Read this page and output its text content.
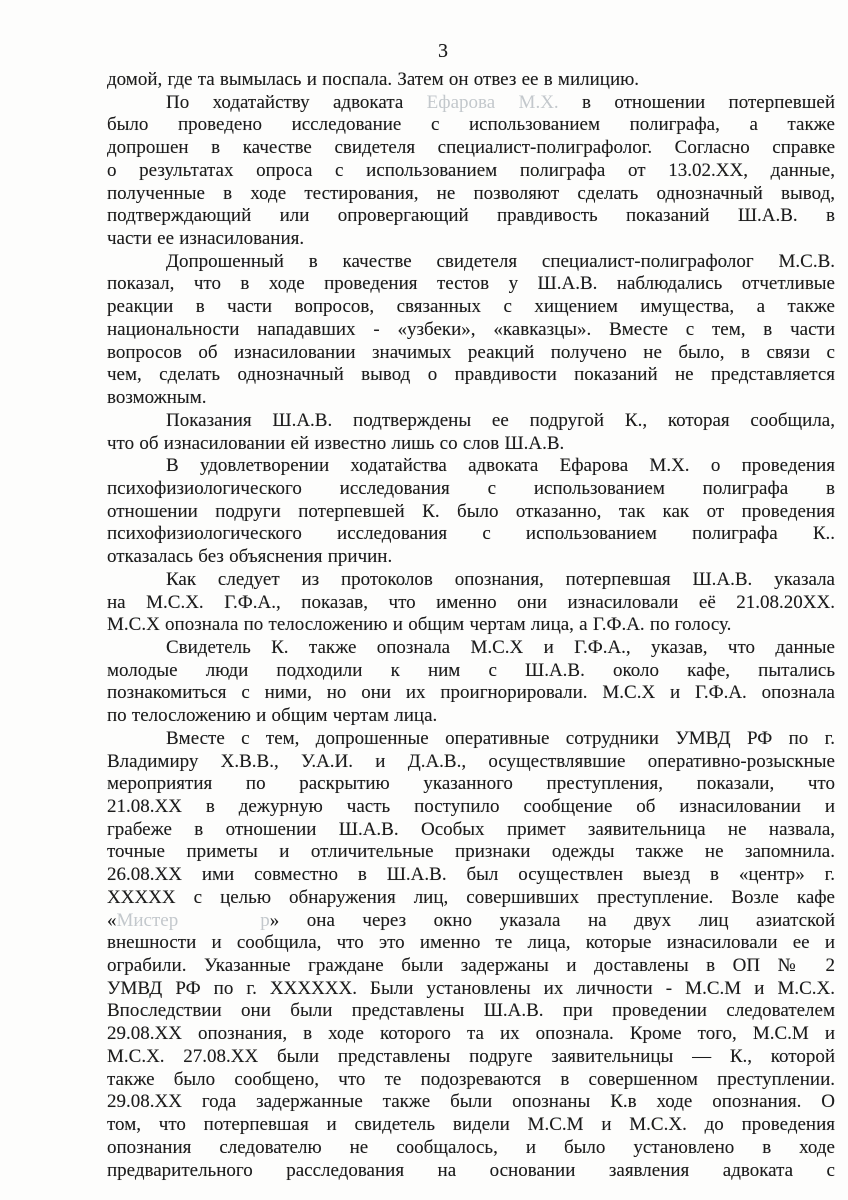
3
домой, где та вымылась и поспала. Затем он отвез ее в милицию.
По ходатайству адвоката Ефарова М.Х. в отношении потерпевшей
было проведено исследование с использованием полиграфа, а также
допрошен в качестве свидетеля специалист-полиграфолог. Согласно справке
о результатах опроса с использованием полиграфа от 13.02.ХХ, данные,
полученные в ходе тестирования, не позволяют сделать однозначный вывод,
подтверждающий или опровергающий правдивость показаний Ш.А.В. в
части ее изнасилования.
Допрошенный в качестве свидетеля специалист-полиграфолог М.С.В.
показал, что в ходе проведения тестов у Ш.А.В. наблюдались отчетливые
реакции в части вопросов, связанных с хищением имущества, а также
национальности нападавших - «узбеки», «кавказцы». Вместе с тем, в части
вопросов об изнасиловании значимых реакций получено не было, в связи с
чем, сделать однозначный вывод о правдивости показаний не представляется
возможным.
Показания Ш.А.В. подтверждены ее подругой К., которая сообщила,
что об изнасиловании ей известно лишь со слов Ш.А.В.
В удовлетворении ходатайства адвоката Ефарова М.Х. о проведения
психофизиологического исследования с использованием полиграфа в
отношении подруги потерпевшей К. было отказанно, так как от проведения
психофизиологического исследования с использованием полиграфа К..
отказалась без объяснения причин.
Как следует из протоколов опознания, потерпевшая Ш.А.В. указала
на М.С.Х. Г.Ф.А., показав, что именно они изнасиловали её 21.08.20ХХ.
М.С.Х опознала по телосложению и общим чертам лица, а Г.Ф.А. по голосу.
Свидетель К. также опознала М.С.Х и Г.Ф.А., указав, что данные
молодые люди подходили к ним с Ш.А.В. около кафе, пытались
познакомиться с ними, но они их проигнорировали. М.С.Х и Г.Ф.А. опознала
по телосложению и общим чертам лица.
Вместе с тем, допрошенные оперативные сотрудники УМВД РФ по г.
Владимиру Х.В.В., У.А.И. и Д.А.В., осуществлявшие оперативно-розыскные
мероприятия по раскрытию указанного преступления, показали, что
21.08.ХХ в дежурную часть поступило сообщение об изнасиловании и
грабеже в отношении Ш.А.В. Особых примет заявительница не назвала,
точные приметы и отличительные признаки одежды также не запомнила.
26.08.ХХ ими совместно в Ш.А.В. был осуществлен выезд в «центр» г.
ХХХХХ с целью обнаружения лиц, совершивших преступление. Возле кафе
«Мистер	р» она через окно указала на двух лиц азиатской
внешности и сообщила, что это именно те лица, которые изнасиловали ее и
ограбили. Указанные граждане были задержаны и доставлены в ОП № 2
УМВД РФ по г. ХХХХХХ. Были установлены их личности - М.С.М и М.С.Х.
Впоследствии они были представлены Ш.А.В. при проведении следователем
29.08.ХХ опознания, в ходе которого та их опознала. Кроме того, М.С.М и
М.С.Х. 27.08.ХХ были представлены подруге заявительницы — К., которой
также было сообщено, что те подозреваются в совершенном преступлении.
29.08.ХХ года задержанные также были опознаны К.в ходе опознания. О
том, что потерпевшая и свидетель видели М.С.М и М.С.Х. до проведения
опознания следователю не сообщалось, и было установлено в ходе
предварительного расследования на основании заявления адвоката с
